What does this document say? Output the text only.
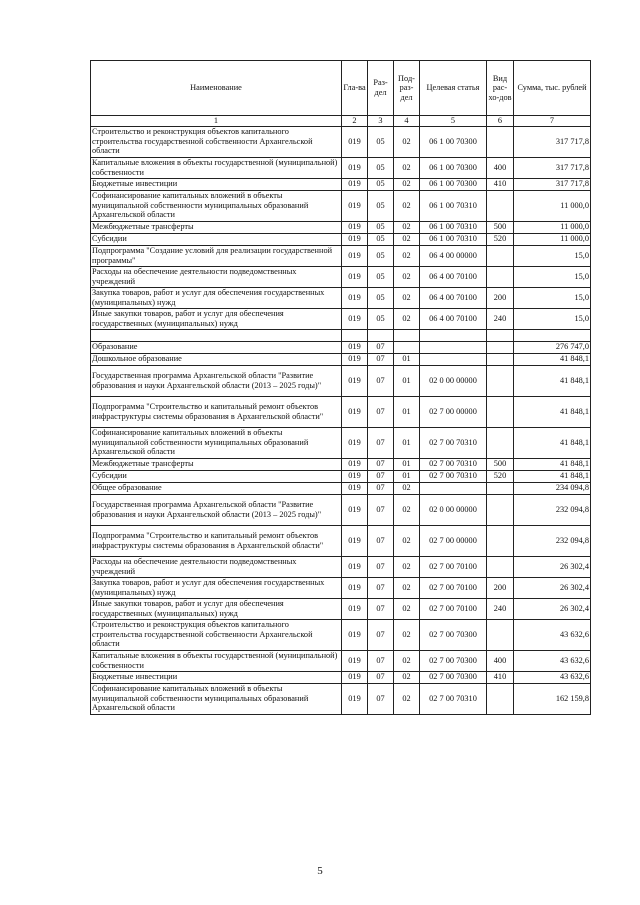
Наименование	Гла-ва	Раз-дел	Под-раз-дел	Целевая статья	Вид рас-хо-дов	Сумма, тыс. рублей
1	2	3	4	5	6	7
Строительство и реконструкция объектов капитального строительства государственной собственности Архангельской области	019	05	02	06 1 00 70300		317 717,8
Капитальные вложения в объекты государственной (муниципальной) собственности	019	05	02	06 1 00 70300	400	317 717,8
Бюджетные инвестиции	019	05	02	06 1 00 70300	410	317 717,8
Софинансирование капитальных вложений в объекты муниципальной собственности муниципальных образований Архангельской области	019	05	02	06 1 00 70310		11 000,0
Межбюджетные трансферты	019	05	02	06 1 00 70310	500	11 000,0
Субсидии	019	05	02	06 1 00 70310	520	11 000,0
Подпрограмма "Создание условий для реализации государственной программы"	019	05	02	06 4 00 00000		15,0
Расходы на обеспечение деятельности подведомственных учреждений	019	05	02	06 4 00 70100		15,0
Закупка товаров, работ и услуг для обеспечения государственных (муниципальных) нужд	019	05	02	06 4 00 70100	200	15,0
Иные закупки товаров, работ и услуг для обеспечения государственных (муниципальных) нужд	019	05	02	06 4 00 70100	240	15,0

Образование	019	07				276 747,0
Дошкольное образование	019	07	01			41 848,1
Государственная программа Архангельской области "Развитие образования и науки Архангельской области (2013 – 2025 годы)"	019	07	01	02 0 00 00000		41 848,1
Подпрограмма "Строительство и капитальный ремонт объектов инфраструктуры системы образования в Архангельской области"	019	07	01	02 7 00 00000		41 848,1
Софинансирование капитальных вложений в объекты муниципальной собственности муниципальных образований Архангельской области	019	07	01	02 7 00 70310		41 848,1
Межбюджетные трансферты	019	07	01	02 7 00 70310	500	41 848,1
Субсидии	019	07	01	02 7 00 70310	520	41 848,1
Общее образование	019	07	02			234 094,8
Государственная программа Архангельской области "Развитие образования и науки Архангельской области (2013 – 2025 годы)"	019	07	02	02 0 00 00000		232 094,8
Подпрограмма "Строительство и капитальный ремонт объектов инфраструктуры системы образования в Архангельской области"	019	07	02	02 7 00 00000		232 094,8
Расходы на обеспечение деятельности подведомственных учреждений	019	07	02	02 7 00 70100		26 302,4
Закупка товаров, работ и услуг для обеспечения государственных (муниципальных) нужд	019	07	02	02 7 00 70100	200	26 302,4
Иные закупки товаров, работ и услуг для обеспечения государственных (муниципальных) нужд	019	07	02	02 7 00 70100	240	26 302,4
Строительство и реконструкция объектов капитального строительства государственной собственности Архангельской области	019	07	02	02 7 00 70300		43 632,6
Капитальные вложения в объекты государственной (муниципальной) собственности	019	07	02	02 7 00 70300	400	43 632,6
Бюджетные инвестиции	019	07	02	02 7 00 70300	410	43 632,6
Софинансирование капитальных вложений в объекты муниципальной собственности муниципальных образований Архангельской области	019	07	02	02 7 00 70310		162 159,8
5
